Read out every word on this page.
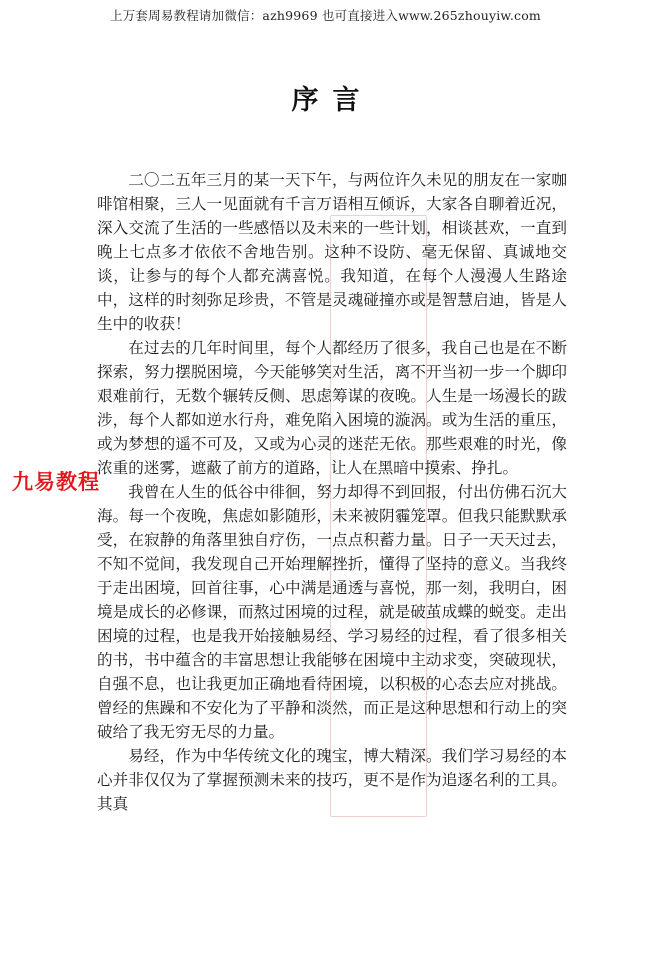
上万套周易教程请加微信：azh9969 也可直接进入www.265zhouyiw.com
序言

二〇二五年三月的某一天下午，与两位许久未见的朋友在一家咖啡馆相聚，三人一见面就有千言万语相互倾诉，大家各自聊着近况，深入交流了生活的一些感悟以及未来的一些计划，相谈甚欢，一直到晚上七点多才依依不舍地告别。这种不设防、毫无保留、真诚地交谈，让参与的每个人都充满喜悦。我知道，在每个人漫漫人生路途中，这样的时刻弥足珍贵，不管是灵魂碰撞亦或是智慧启迪，皆是人生中的收获！

在过去的几年时间里，每个人都经历了很多，我自己也是在不断探索，努力摆脱困境，今天能够笑对生活，离不开当初一步一个脚印艰难前行，无数个辗转反侧、思虑筹谋的夜晚。人生是一场漫长的跋涉，每个人都如逆水行舟，难免陷入困境的漩涡。或为生活的重压，或为梦想的遥不可及，又或为心灵的迷茫无依。那些艰难的时光，像浓重的迷雾，遮蔽了前方的道路，让人在黑暗中摸索、挣扎。

我曾在人生的低谷中徘徊，努力却得不到回报，付出仿佛石沉大海。每一个夜晚，焦虑如影随形，未来被阴霾笼罩。但我只能默默承受，在寂静的角落里独自疗伤，一点点积蓄力量。日子一天天过去，不知不觉间，我发现自己开始理解挫折，懂得了坚持的意义。当我终于走出困境，回首往事，心中满是通透与喜悦，那一刻，我明白，困境是成长的必修课，而熬过困境的过程，就是破茧成蝶的蜕变。走出困境的过程，也是我开始接触易经、学习易经的过程，看了很多相关的书，书中蕴含的丰富思想让我能够在困境中主动求变，突破现状，自强不息，也让我更加正确地看待困境，以积极的心态去应对挑战。曾经的焦躁和不安化为了平静和淡然，而正是这种思想和行动上的突破给了我无穷无尽的力量。

易经，作为中华传统文化的瑰宝，博大精深。我们学习易经的本心并非仅仅为了掌握预测未来的技巧，更不是作为追逐名利的工具。其真

九易教程
